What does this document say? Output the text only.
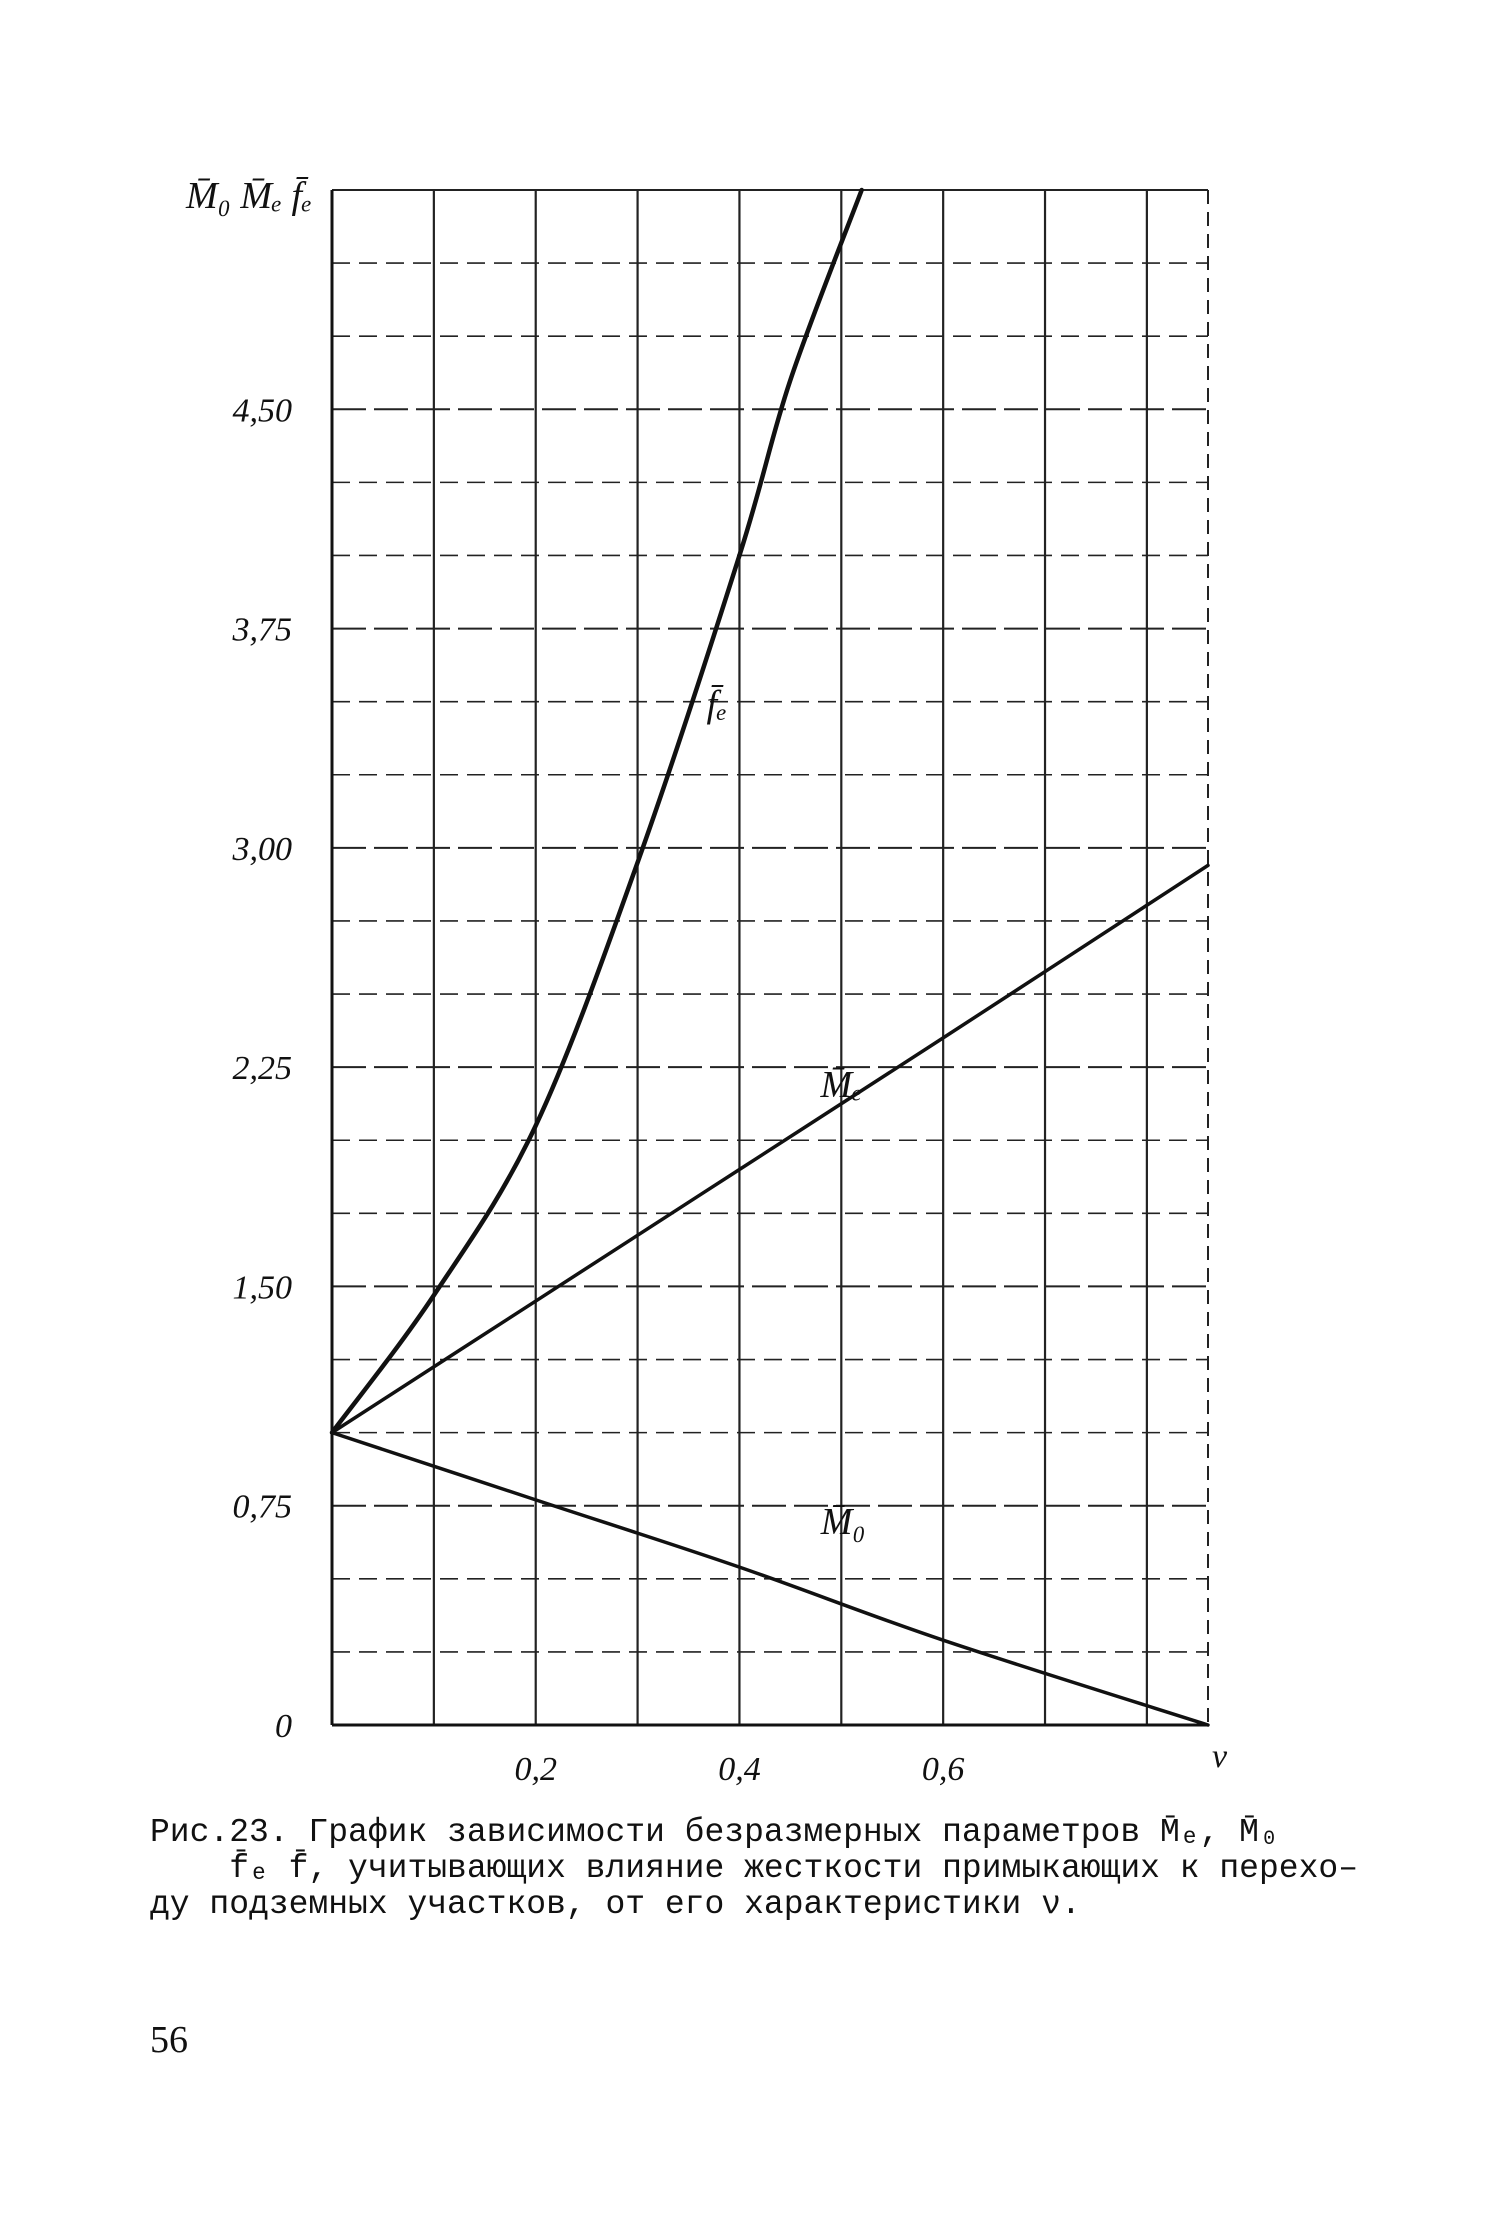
0
0,75
1,50
2,25
3,00
3,75
4,50
0,2	0,4	0,6	ν
M̄₀ M̄ₑ f̄ₑ
f̄ₑ
M̄ₑ
M̄₀
Рис.23. График зависимости безразмерных параметров M̄ₑ, M̄₀
f̄ₑ f̄, учитывающих влияние жесткости примыкающих к перехо–
ду подземных участков, от его характеристики ν.
56
